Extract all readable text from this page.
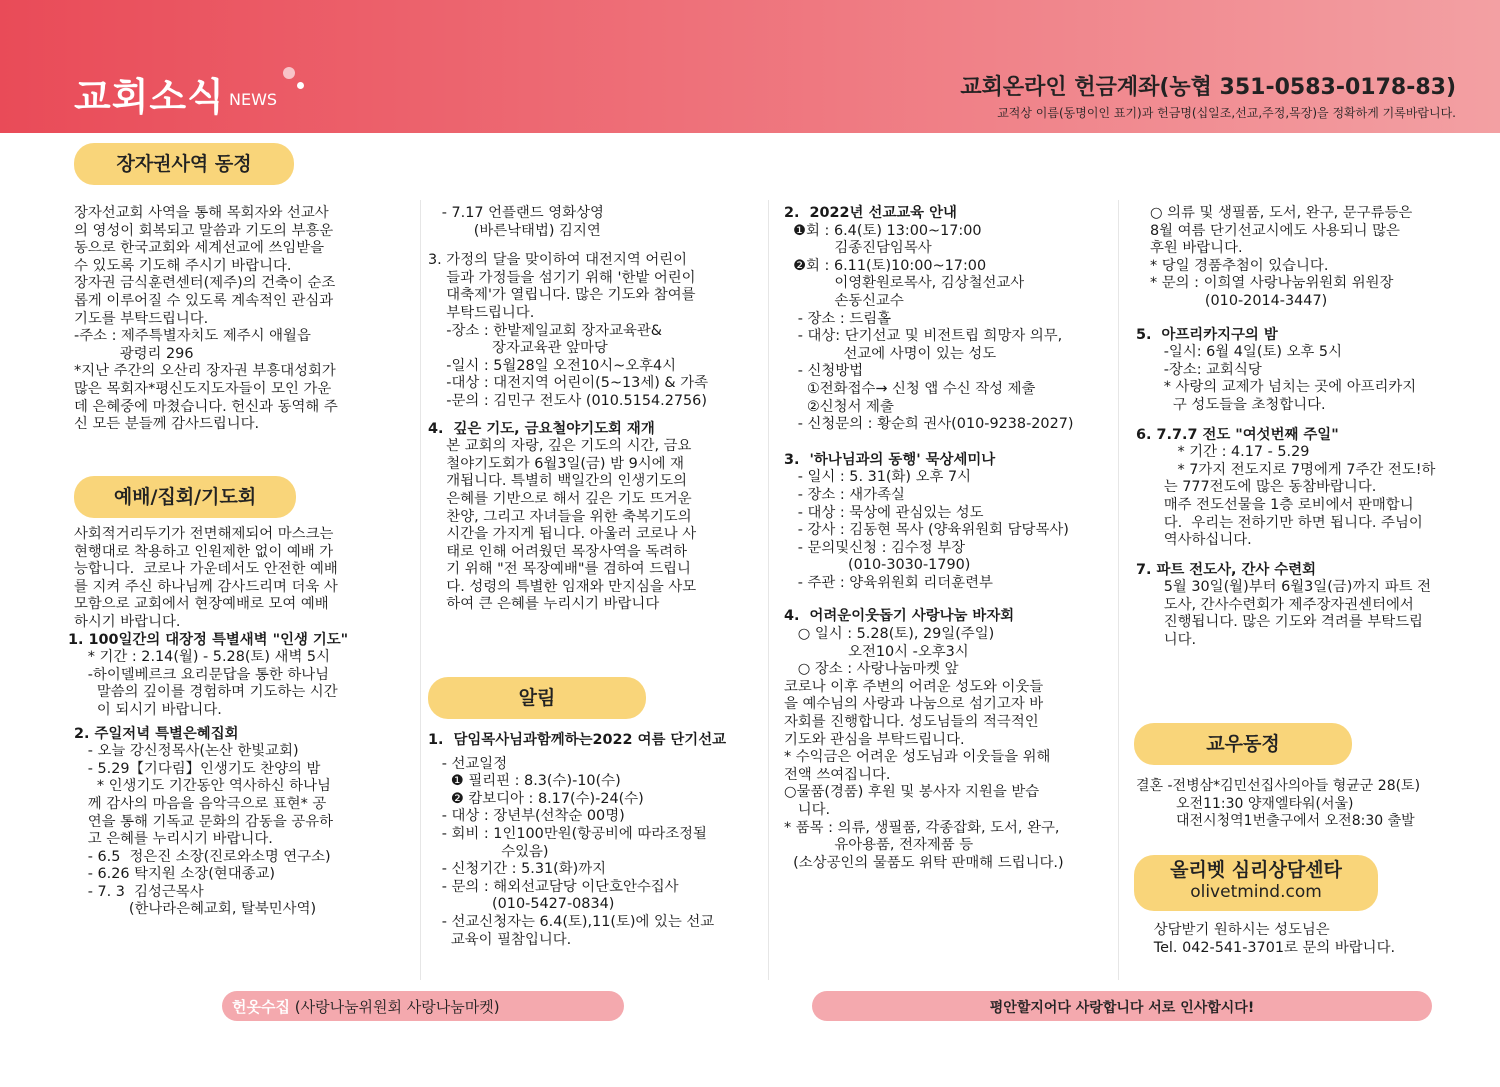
교회소식 NEWS	교회온라인 헌금계좌(농협 351-0583-0178-83)
교적상 이름(동명이인 표기)과 헌금명(십일조,선교,주정,목장)을 정확하게 기록바랍니다.
장자권사역 동정

장자선교회 사역을 통해 목회자와 선교사

의 영성이 회복되고 말씀과 기도의 부흥운

동으로 한국교회와 세계선교에 쓰임받을

수 있도록 기도해 주시기 바랍니다.

장자권 금식훈련센터(제주)의 건축이 순조

롭게 이루어질 수 있도록 계속적인 관심과

기도를 부탁드립니다.

-주소 : 제주특별자치도 제주시 애월읍

광령리 296

*지난 주간의 오산리 장자권 부흥대성회가

많은 목회자*평신도지도자들이 모인 가운

데 은혜중에 마쳤습니다. 헌신과 동역해 주

신 모든 분들께 감사드립니다.

예배/집회/기도회

사회적거리두기가 전면해제되어 마스크는

현행대로 착용하고 인원제한 없이 예배 가

능합니다.  코로나 가운데서도 안전한 예배

를 지켜 주신 하나님께 감사드리며 더욱 사

모함으로 교회에서 현장예배로 모여 예배

하시기 바랍니다.

1. 100일간의 대장정 특별새벽 "인생 기도"

* 기간 : 2.14(월) - 5.28(토) 새벽 5시

-하이델베르크 요리문답을 통한 하나님

말씀의 깊이를 경험하며 기도하는 시간

이 되시기 바랍니다.

2. 주일저녁 특별은혜집회

- 오늘 강신정목사(논산 한빛교회)

- 5.29【기다림】인생기도 찬양의 밤

* 인생기도 기간동안 역사하신 하나님

께 감사의 마음을 음악극으로 표현* 공

연을 통해 기독교 문화의 감동을 공유하

고 은혜를 누리시기 바랍니다.

- 6.5  정은진 소장(진로와소명 연구소)

- 6.26 탁지원 소장(현대종교)

- 7. 3  김성근목사

(한나라은혜교회, 탈북민사역)

- 7.17 언플랜드 영화상영

(바른낙태법) 김지연

3. 가정의 달을 맞이하여 대전지역 어린이

들과 가정들을 섬기기 위해 '한밭 어린이

대축제'가 열립니다. 많은 기도와 참여를

부탁드립니다.

-장소 : 한밭제일교회 장자교육관&

장자교육관 앞마당

-일시 : 5월28일 오전10시~오후4시

-대상 : 대전지역 어린이(5~13세) & 가족

-문의 : 김민구 전도사 (010.5154.2756)

4.  깊은 기도, 금요철야기도회 재개

본 교회의 자랑, 깊은 기도의 시간, 금요

철야기도회가 6월3일(금) 밤 9시에 재

개됩니다. 특별히 백일간의 인생기도의

은혜를 기반으로 해서 깊은 기도 뜨거운

찬양, 그리고 자녀들을 위한 축복기도의

시간을 가지게 됩니다. 아울러 코로나 사

태로 인해 어려웠던 목장사역을 독려하

기 위해 "전 목장예배"를 겸하여 드립니

다. 성령의 특별한 임재와 만지심을 사모

하여 큰 은혜를 누리시기 바랍니다

알림

1.  담임목사님과함께하는2022 여름 단기선교

- 선교일정

❶ 필리핀 : 8.3(수)-10(수)

❷ 캄보디아 : 8.17(수)-24(수)

- 대상 : 장년부(선착순 00명)

- 회비 : 1인100만원(항공비에 따라조정될

수있음)

- 신청기간 : 5.31(화)까지

- 문의 : 해외선교담당 이단호안수집사

(010-5427-0834)

- 선교신청자는 6.4(토),11(토)에 있는 선교

교육이 필참입니다.

2.  2022년 선교교육 안내

❶회 : 6.4(토) 13:00~17:00

김종진담임목사

❷회 : 6.11(토)10:00~17:00

이영환원로목사, 김상철선교사

손동신교수

- 장소 : 드림홀

- 대상: 단기선교 및 비전트립 희망자 의무,

선교에 사명이 있는 성도

- 신청방법

①전화접수→ 신청 앱 수신 작성 제출

②신청서 제출

- 신청문의 : 황순희 권사(010-9238-2027)

3.  '하나님과의 동행' 묵상세미나

- 일시 : 5. 31(화) 오후 7시

- 장소 : 새가족실

- 대상 : 묵상에 관심있는 성도

- 강사 : 김동현 목사 (양육위원회 담당목사)

- 문의및신청 : 김수정 부장

(010-3030-1790)

- 주관 : 양육위원회 리더훈련부

4.  어려운이웃돕기 사랑나눔 바자회

○ 일시 : 5.28(토), 29일(주일)

오전10시 -오후3시

○ 장소 : 사랑나눔마켓 앞

코로나 이후 주변의 어려운 성도와 이웃들

을 예수님의 사랑과 나눔으로 섬기고자 바

자회를 진행합니다. 성도님들의 적극적인

기도와 관심을 부탁드립니다.

* 수익금은 어려운 성도님과 이웃들을 위해

전액 쓰여집니다.

○물품(경품) 후원 및 봉사자 지원을 받습

니다.

* 품목 : 의류, 생필품, 각종잡화, 도서, 완구,

유아용품, 전자제품 등

(소상공인의 물품도 위탁 판매해 드립니다.)

○ 의류 및 생필품, 도서, 완구, 문구류등은

8월 여름 단기선교시에도 사용되니 많은

후원 바랍니다.

* 당일 경품추첨이 있습니다.

* 문의 : 이희열 사랑나눔위원회 위원장

(010-2014-3447)

5.  아프리카지구의 밤

-일시: 6월 4일(토) 오후 5시

-장소: 교회식당

* 사랑의 교제가 넘치는 곳에 아프리카지

구 성도들을 초청합니다.

6. 7.7.7 전도 "여섯번째 주일"

* 기간 : 4.17 - 5.29

* 7가지 전도지로 7명에게 7주간 전도!하

는 777전도에 많은 동참바랍니다.

매주 전도선물을 1층 로비에서 판매합니

다.  우리는 전하기만 하면 됩니다. 주님이

역사하십니다.

7. 파트 전도사, 간사 수련회

5월 30일(월)부터 6월3일(금)까지 파트 전

도사, 간사수련회가 제주장자권센터에서

진행됩니다. 많은 기도와 격려를 부탁드립

니다.

교우동정

결혼 -전병삼*김민선집사의아들 형균군 28(토)

오전11:30 양재엘타워(서울)

대전시청역1번출구에서 오전8:30 출발

올리벳 심리상담센타
olivetmind.com

상담받기 원하시는 성도님은

Tel. 042-541-3701로 문의 바랍니다.

헌옷수집 (사랑나눔위원회 사랑나눔마켓)	평안할지어다 사랑합니다 서로 인사합시다!
